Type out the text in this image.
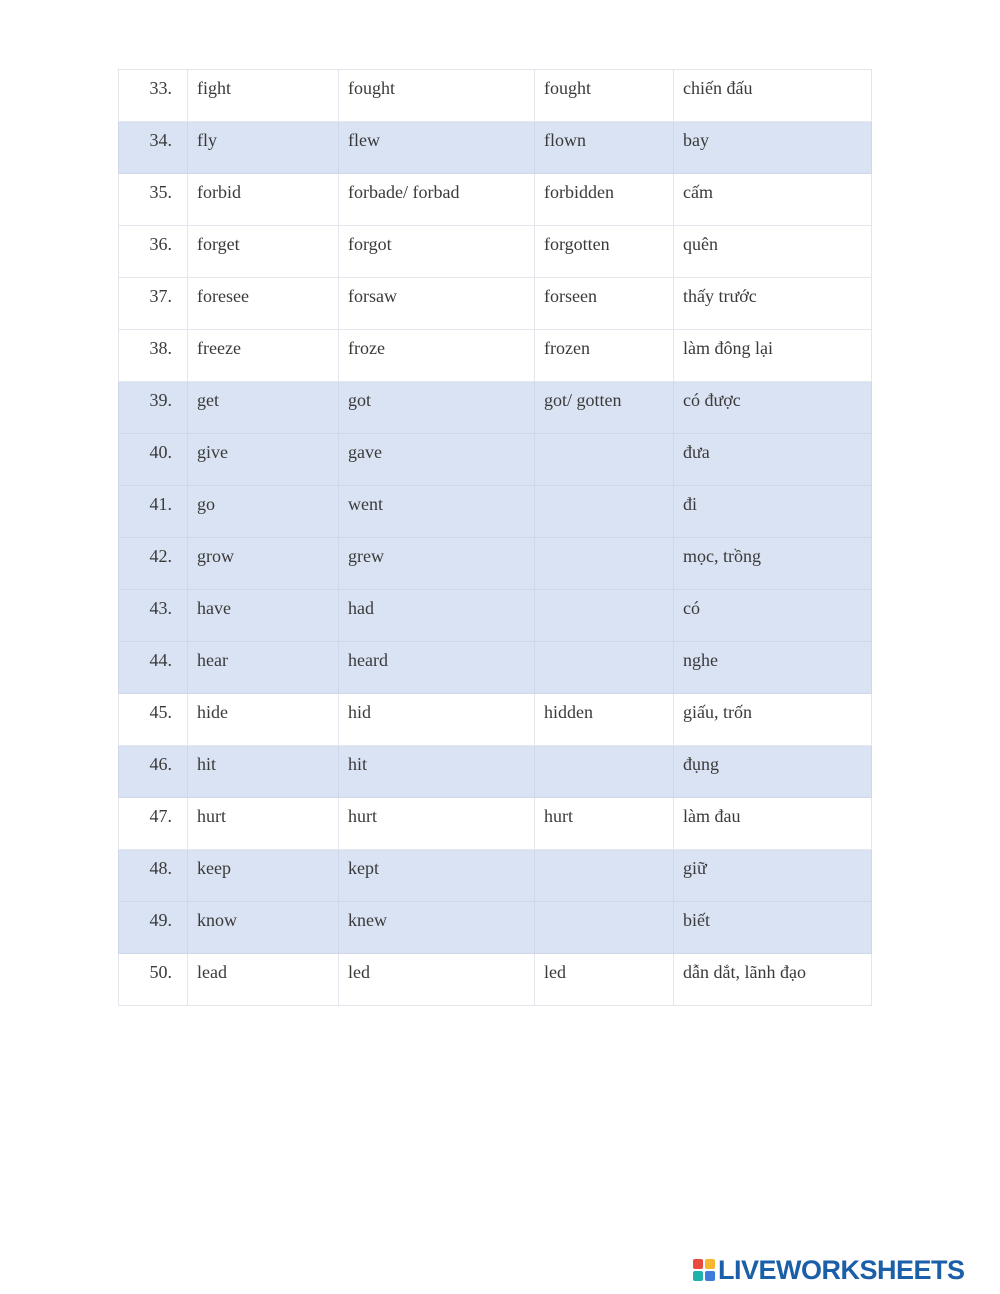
33.	fight	fought	fought	chiến đấu
34.	fly	flew	flown	bay
35.	forbid	forbade/ forbad	forbidden	cấm
36.	forget	forgot	forgotten	quên
37.	foresee	forsaw	forseen	thấy trước
38.	freeze	froze	frozen	làm đông lại
39.	get	got	got/ gotten	có được
40.	give	gave		đưa
41.	go	went		đi
42.	grow	grew		mọc, trồng
43.	have	had		có
44.	hear	heard		nghe
45.	hide	hid	hidden	giấu, trốn
46.	hit	hit		đụng
47.	hurt	hurt	hurt	làm đau
48.	keep	kept		giữ
49.	know	knew		biết
50.	lead	led	led	dẫn dắt, lãnh đạo
LIVEWORKSHEETS
